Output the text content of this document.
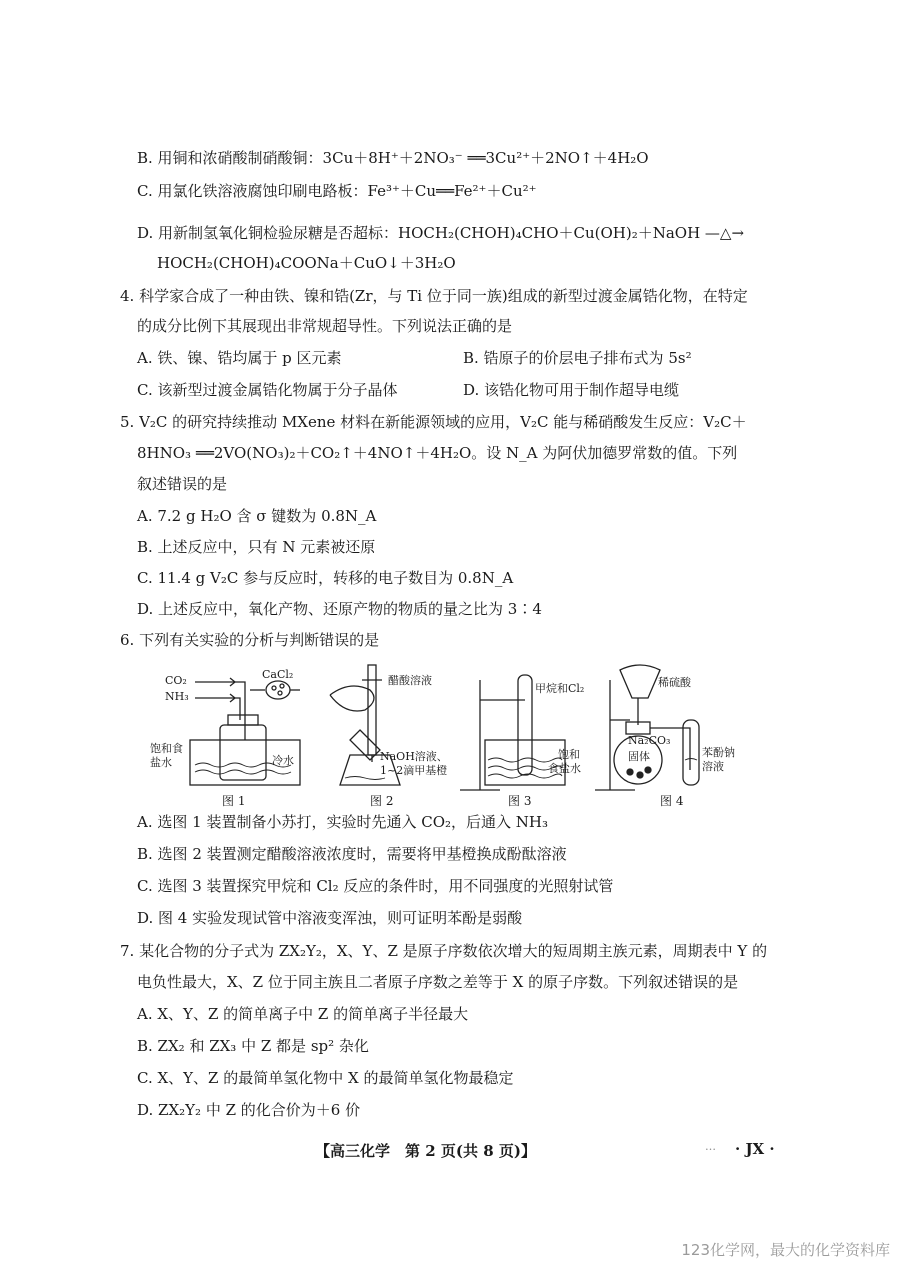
B. 用铜和浓硝酸制硝酸铜：3Cu＋8H⁺＋2NO₃⁻ ══3Cu²⁺＋2NO↑＋4H₂O
C. 用氯化铁溶液腐蚀印刷电路板：Fe³⁺＋Cu══Fe²⁺＋Cu²⁺
D. 用新制氢氧化铜检验尿糖是否超标：HOCH₂(CHOH)₄CHO＋Cu(OH)₂＋NaOH —△→
HOCH₂(CHOH)₄COONa＋CuO↓＋3H₂O
4. 科学家合成了一种由铁、镍和锆(Zr，与 Ti 位于同一族)组成的新型过渡金属锆化物，在特定
的成分比例下其展现出非常规超导性。下列说法正确的是
A. 铁、镍、锆均属于 p 区元素	B. 锆原子的价层电子排布式为 5s²
C. 该新型过渡金属锆化物属于分子晶体	D. 该锆化物可用于制作超导电缆
5. V₂C 的研究持续推动 MXene 材料在新能源领域的应用，V₂C 能与稀硝酸发生反应：V₂C＋
8HNO₃ ══2VO(NO₃)₂＋CO₂↑＋4NO↑＋4H₂O。设 N_A 为阿伏加德罗常数的值。下列
叙述错误的是
A. 7.2 g H₂O 含 σ 键数为 0.8N_A
B. 上述反应中，只有 N 元素被还原
C. 11.4 g V₂C 参与反应时，转移的电子数目为 0.8N_A
D. 上述反应中，氧化产物、还原产物的物质的量之比为 3∶4
6. 下列有关实验的分析与判断错误的是
CO₂
NH₃
CaCl₂
饱和食
盐水	冷水
图 1
醋酸溶液
NaOH溶液、
1~2滴甲基橙
图 2
甲烷和Cl₂
饱和
食盐水
图 3
稀硫酸
Na₂CO₃
固体	苯酚钠
溶液
图 4
A. 选图 1 装置制备小苏打，实验时先通入 CO₂，后通入 NH₃
B. 选图 2 装置测定醋酸溶液浓度时，需要将甲基橙换成酚酞溶液
C. 选图 3 装置探究甲烷和 Cl₂ 反应的条件时，用不同强度的光照射试管
D. 图 4 实验发现试管中溶液变浑浊，则可证明苯酚是弱酸
7. 某化合物的分子式为 ZX₂Y₂，X、Y、Z 是原子序数依次增大的短周期主族元素，周期表中 Y 的
电负性最大，X、Z 位于同主族且二者原子序数之差等于 X 的原子序数。下列叙述错误的是
A. X、Y、Z 的简单离子中 Z 的简单离子半径最大
B. ZX₂ 和 ZX₃ 中 Z 都是 sp² 杂化
C. X、Y、Z 的最简单氢化物中 X 的最简单氢化物最稳定
D. ZX₂Y₂ 中 Z 的化合价为＋6 价
【高三化学　第 2 页(共 8 页)】	… · JX ·
123化学网，最大的化学资料库
